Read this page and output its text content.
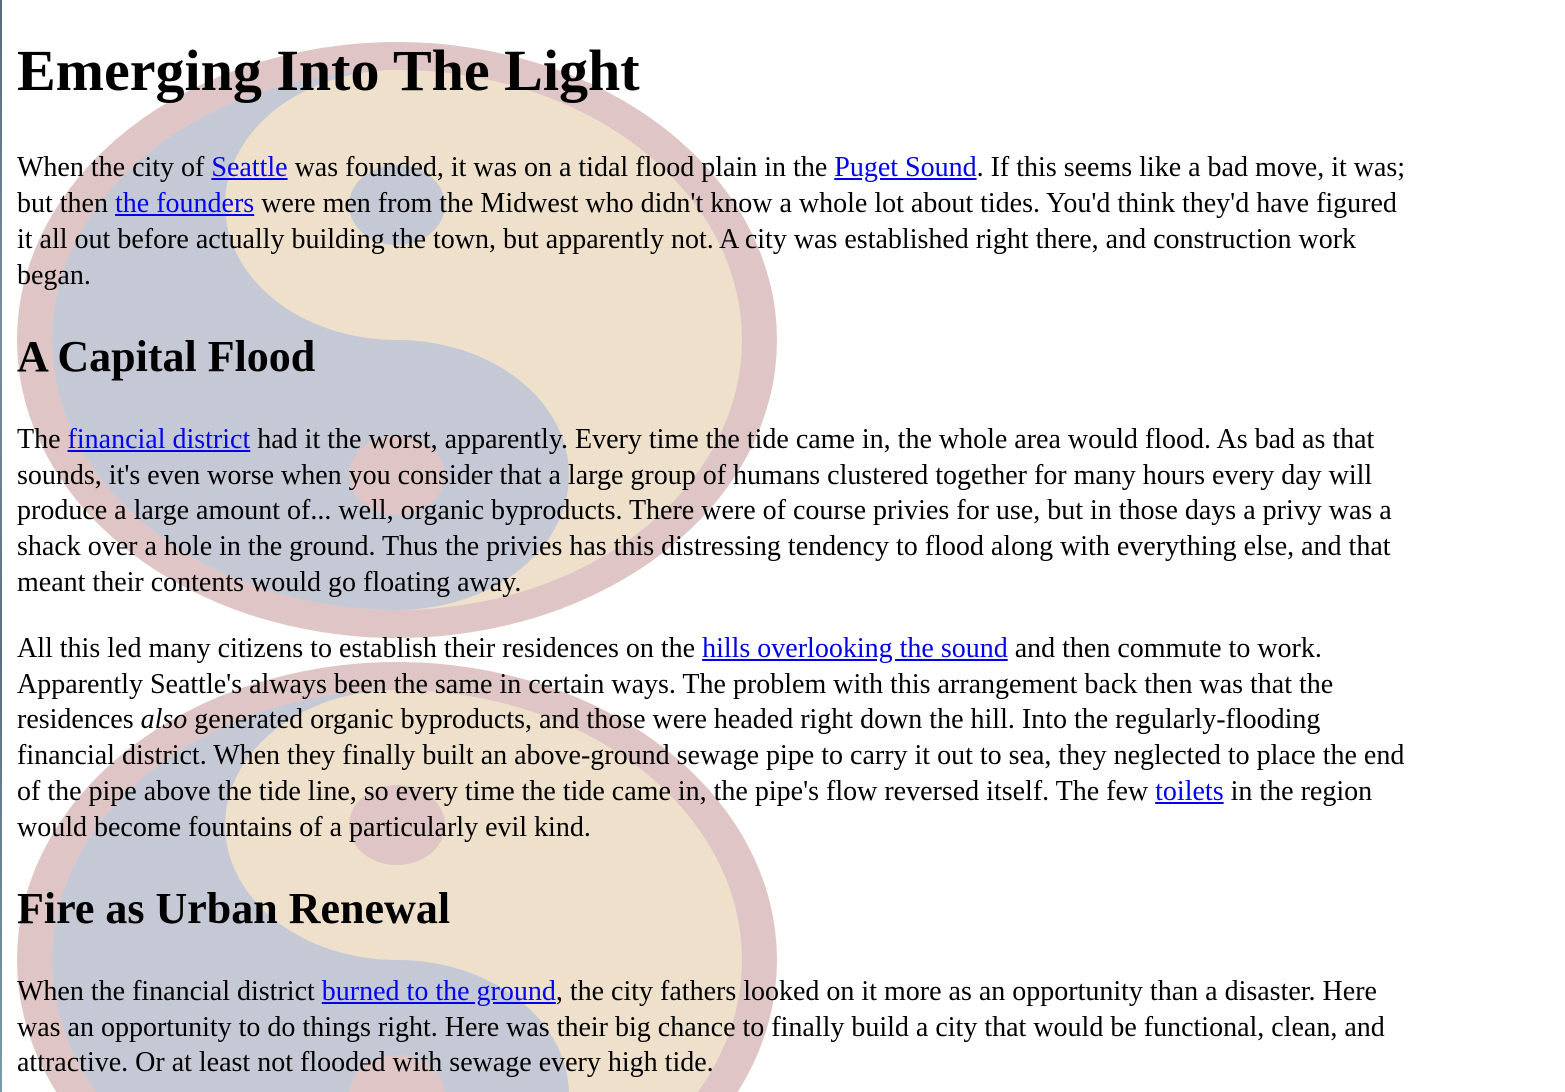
Emerging Into The Light

When the city of Seattle was founded, it was on a tidal flood plain in the Puget Sound. If this seems like a bad move, it was;

but then the founders were men from the Midwest who didn't know a whole lot about tides. You'd think they'd have figured

it all out before actually building the town, but apparently not. A city was established right there, and construction work

began.

A Capital Flood

The financial district had it the worst, apparently. Every time the tide came in, the whole area would flood. As bad as that

sounds, it's even worse when you consider that a large group of humans clustered together for many hours every day will

produce a large amount of... well, organic byproducts. There were of course privies for use, but in those days a privy was a

shack over a hole in the ground. Thus the privies has this distressing tendency to flood along with everything else, and that

meant their contents would go floating away.

All this led many citizens to establish their residences on the hills overlooking the sound and then commute to work.

Apparently Seattle's always been the same in certain ways. The problem with this arrangement back then was that the

residences also generated organic byproducts, and those were headed right down the hill. Into the regularly-flooding

financial district. When they finally built an above-ground sewage pipe to carry it out to sea, they neglected to place the end

of the pipe above the tide line, so every time the tide came in, the pipe's flow reversed itself. The few toilets in the region

would become fountains of a particularly evil kind.

Fire as Urban Renewal

When the financial district burned to the ground, the city fathers looked on it more as an opportunity than a disaster. Here

was an opportunity to do things right. Here was their big chance to finally build a city that would be functional, clean, and

attractive. Or at least not flooded with sewage every high tide.
